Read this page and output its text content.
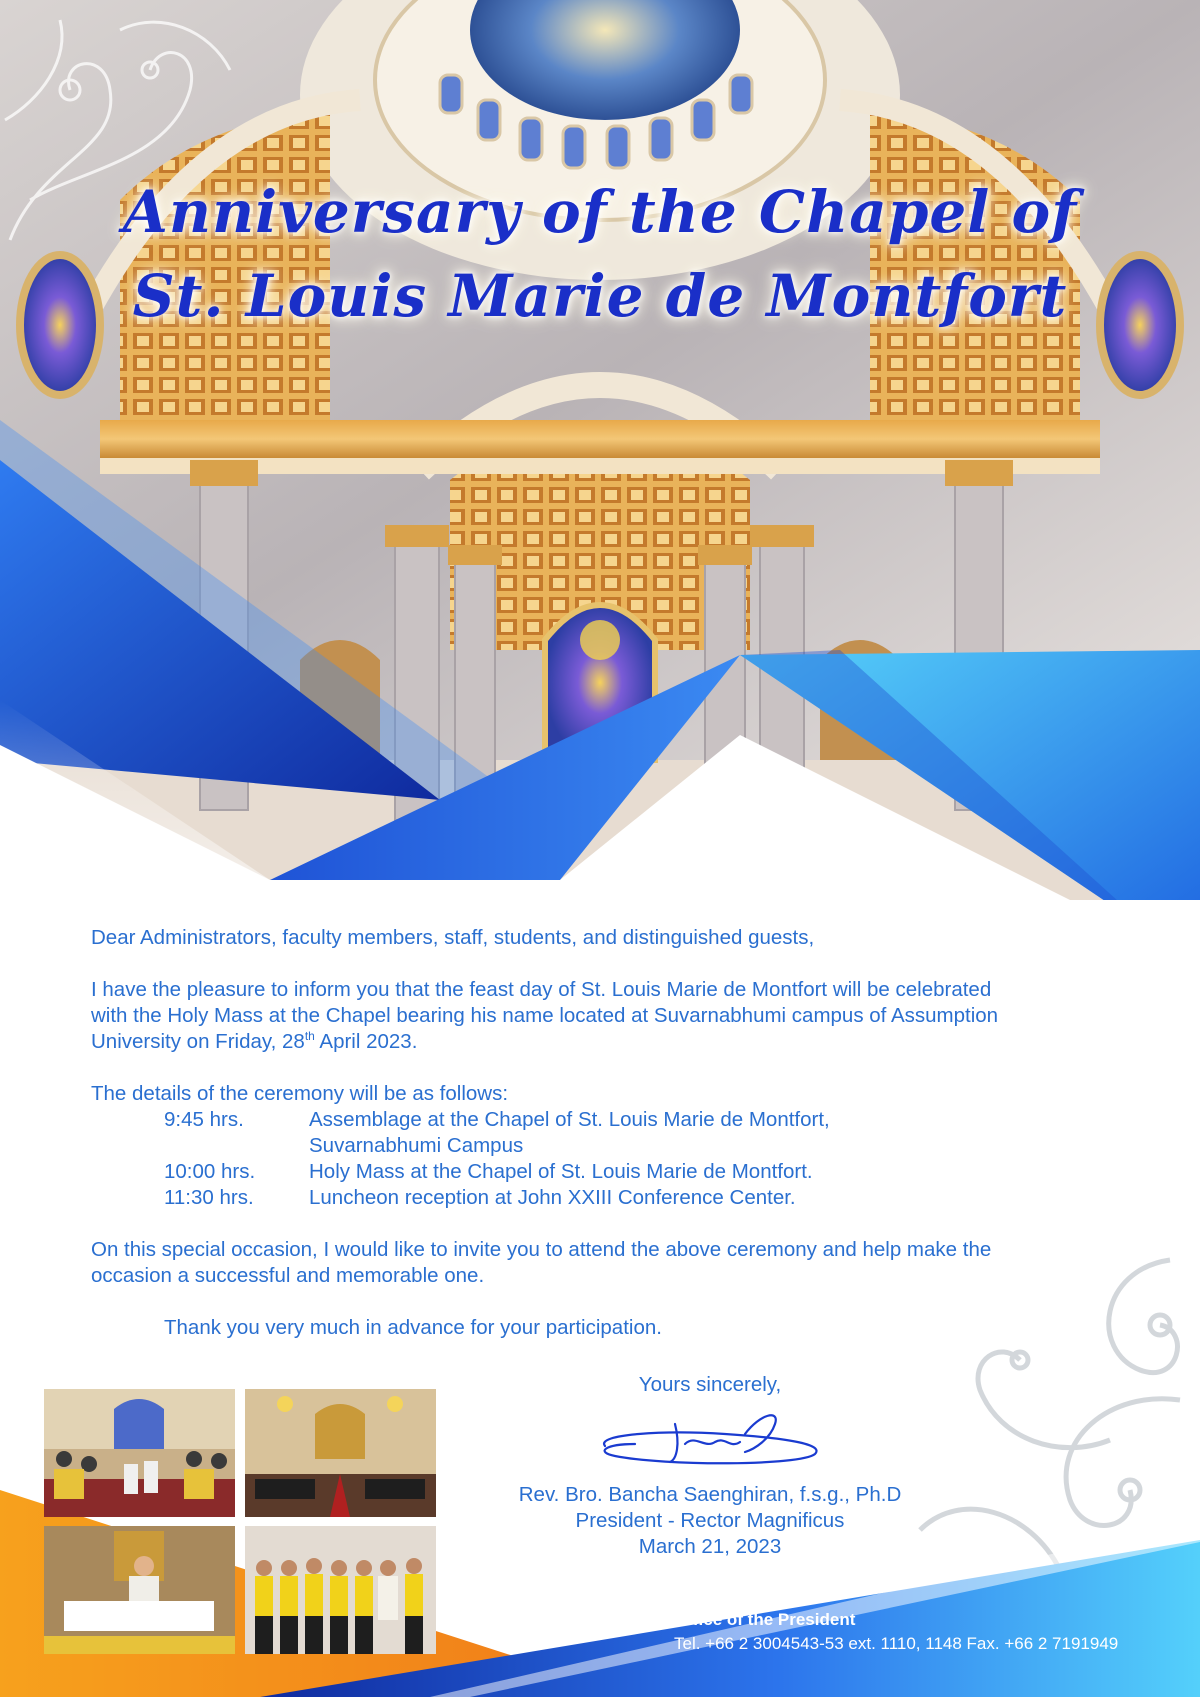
Anniversary of the Chapel of
St. Louis Marie de Montfort

Dear Administrators, faculty members, staff, students, and distinguished guests,

I have the pleasure to inform you that the feast day of St. Louis Marie de Montfort will be celebrated

with the Holy Mass at the Chapel bearing his name located at Suvarnabhumi campus of Assumption

University on Friday, 28th April 2023.

The details of the ceremony will be as follows:

9:45 hrs.	Assemblage at the Chapel of St. Louis Marie de Montfort,
Suvarnabhumi Campus
10:00 hrs.	Holy Mass at the Chapel of St. Louis Marie de Montfort.
11:30 hrs.	Luncheon reception at John XXIII Conference Center.

On this special occasion, I would like to invite you to attend the above ceremony and help make the

occasion a successful and memorable one.

Thank you very much in advance for your participation.

Yours sincerely,
Rev. Bro. Bancha Saenghiran, f.s.g., Ph.D
President - Rector Magnificus
March 21, 2023
Office of the President
Tel. +66 2 3004543-53 ext. 1110, 1148 Fax. +66 2 7191949
